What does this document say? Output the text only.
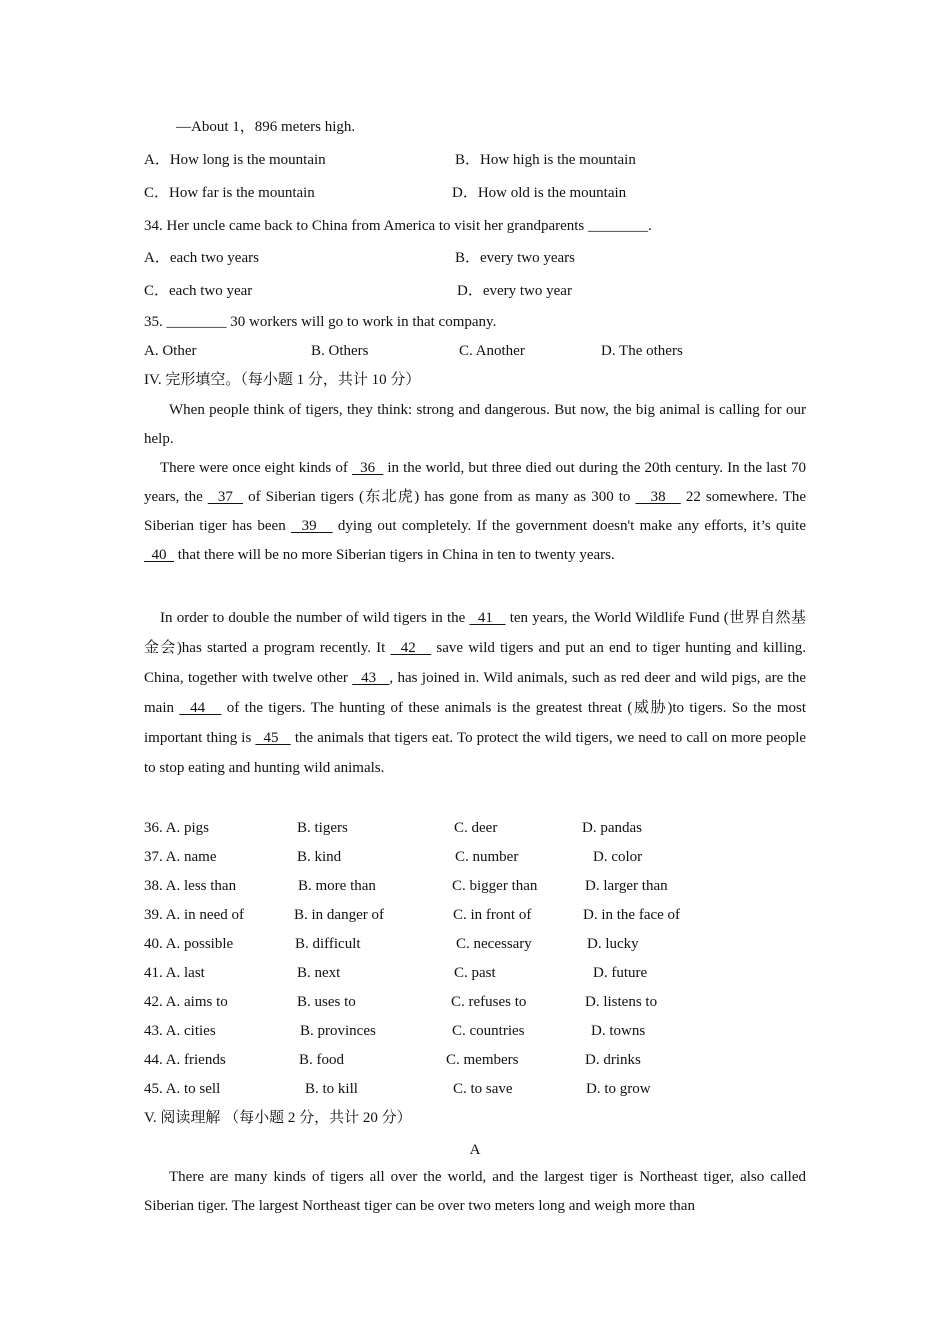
—About 1，896 meters high.
A．How long is the mountain	B．How high is the mountain
C．How far is the mountain	D．How old is the mountain
34. Her uncle came back to China from America to visit her grandparents ________.
A．each two years	B．every two years
C．each two year	D．every two year
35. ________ 30 workers will go to work in that company.
A. Other	B. Others	C. Another	D. The others
IV. 完形填空。（每小题 1 分，共计 10 分）
When people think of tigers, they think: strong and dangerous. But now, the big animal is calling for our help.
There were once eight kinds of   36   in the world, but three died out during the 20th century. In the last 70 years, the   37   of Siberian tigers (东北虎) has gone from as many as 300 to    38    22 somewhere. The Siberian tiger has been   39    dying out completely. If the government doesn't make any efforts, it’s quite   40   that there will be no more Siberian tigers in China in ten to twenty years.
In order to double the number of wild tigers in the   41    ten years, the World Wildlife Fund (世界自然基金会)has started a program recently. It   42    save wild tigers and put an end to tiger hunting and killing. China, together with twelve other   43   , has joined in. Wild animals, such as red deer and wild pigs, are the main   44    of the tigers. The hunting of these animals is the greatest threat (威胁)to tigers. So the most important thing is   45    the animals that tigers eat. To protect the wild tigers, we need to call on more people to stop eating and hunting wild animals.
36. A. pigs	B. tigers	C. deer	D. pandas
37. A. name	B. kind	C. number	D. color
38. A. less than	B. more than	C. bigger than	D. larger than
39. A. in need of	B. in danger of	C. in front of	D. in the face of
40. A. possible	B. difficult	C. necessary	D. lucky
41. A. last	B. next	C. past	D. future
42. A. aims to	B. uses to	C. refuses to	D. listens to
43. A. cities	B. provinces	C. countries	D. towns
44. A. friends	B. food	C. members	D. drinks
45. A. to sell	B. to kill	C. to save	D. to grow
V. 阅读理解 （每小题 2 分，共计 20 分）
A
There are many kinds of tigers all over the world, and the largest tiger is Northeast tiger, also called Siberian tiger. The largest Northeast tiger can be over two meters long and weigh more than
